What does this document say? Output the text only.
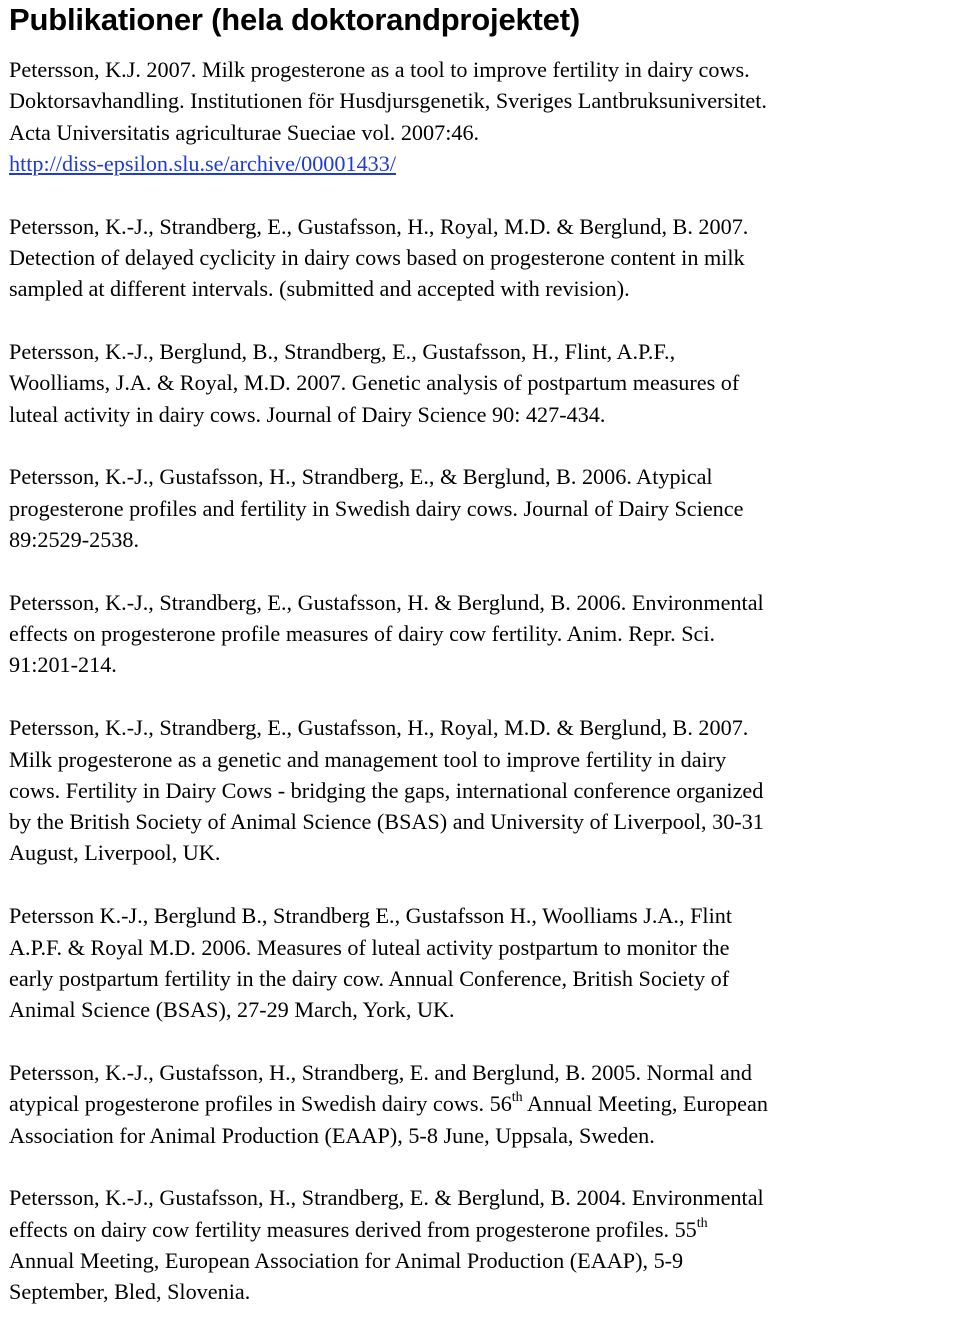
Publikationer (hela doktorandprojektet)

Petersson, K.J. 2007. Milk progesterone as a tool to improve fertility in dairy cows.
Doktorsavhandling. Institutionen för Husdjursgenetik, Sveriges Lantbruksuniversitet.
Acta Universitatis agriculturae Sueciae vol. 2007:46.
http://diss-epsilon.slu.se/archive/00001433/

Petersson, K.-J., Strandberg, E., Gustafsson, H., Royal, M.D. & Berglund, B. 2007.
Detection of delayed cyclicity in dairy cows based on progesterone content in milk
sampled at different intervals. (submitted and accepted with revision).

Petersson, K.-J., Berglund, B., Strandberg, E., Gustafsson, H., Flint, A.P.F.,
Woolliams, J.A. & Royal, M.D. 2007. Genetic analysis of postpartum measures of
luteal activity in dairy cows. Journal of Dairy Science 90: 427-434.

Petersson, K.-J., Gustafsson, H., Strandberg, E., & Berglund, B. 2006. Atypical
progesterone profiles and fertility in Swedish dairy cows. Journal of Dairy Science
89:2529-2538.

Petersson, K.-J., Strandberg, E., Gustafsson, H. & Berglund, B. 2006. Environmental
effects on progesterone profile measures of dairy cow fertility. Anim. Repr. Sci.
91:201-214.

Petersson, K.-J., Strandberg, E., Gustafsson, H., Royal, M.D. & Berglund, B. 2007.
Milk progesterone as a genetic and management tool to improve fertility in dairy
cows. Fertility in Dairy Cows - bridging the gaps, international conference organized
by the British Society of Animal Science (BSAS) and University of Liverpool, 30-31
August, Liverpool, UK.

Petersson K.-J., Berglund B., Strandberg E., Gustafsson H., Woolliams J.A., Flint
A.P.F. & Royal M.D. 2006. Measures of luteal activity postpartum to monitor the
early postpartum fertility in the dairy cow. Annual Conference, British Society of
Animal Science (BSAS), 27-29 March, York, UK.

Petersson, K.-J., Gustafsson, H., Strandberg, E. and Berglund, B. 2005. Normal and
atypical progesterone profiles in Swedish dairy cows. 56th Annual Meeting, European
Association for Animal Production (EAAP), 5-8 June, Uppsala, Sweden.

Petersson, K.-J., Gustafsson, H., Strandberg, E. & Berglund, B. 2004. Environmental
effects on dairy cow fertility measures derived from progesterone profiles. 55th
Annual Meeting, European Association for Animal Production (EAAP), 5-9
September, Bled, Slovenia.
